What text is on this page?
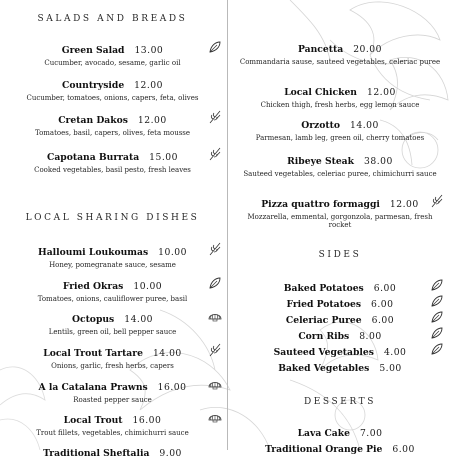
SALADS AND BREADS
LOCAL SHARING DISHES
Green Salad 13.00
Cucumber, avocado, sesame, garlic oil
Countryside 12.00
Cucumber, tomatoes, onions, capers, feta, olives
Cretan Dakos 12.00
Tomatoes, basil, capers, olives, feta mousse
Capotana Burrata 15.00
Cooked vegetables, basil pesto, fresh leaves
Halloumi Loukoumas 10.00
Honey, pomegranate sauce, sesame
Fried Okras 10.00
Tomatoes, onions, cauliflower puree, basil
Octopus 14.00
Lentils, green oil, bell pepper sauce
Local Trout Tartare 14.00
Onions, garlic, fresh herbs, capers
A la Catalana Prawns 16.00
Roasted pepper sauce
Local Trout 16.00
Trout fillets, vegetables, chimichurri sauce
Traditional Sheftalia 9.00
SIDES
DESSERTS
Pancetta 20.00
Commandaria sause, sauteed vegetables, celeriac puree
Local Chicken 12.00
Chicken thigh, fresh herbs, egg lemon sauce
Orzotto 14.00
Parmesan, lamb leg, green oil, cherry tomatoes
Ribeye Steak 38.00
Sauteed vegetables, celeriac puree, chimichurri sauce
Pizza quattro formaggi 12.00
Mozzarella, emmental, gorgonzola, parmesan, fresh rocket
Baked Potatoes 6.00
Fried Potatoes 6.00
Celeriac Puree 6.00
Corn Ribs 8.00
Sauteed Vegetables 4.00
Baked Vegetables 5.00
Lava Cake 7.00
Traditional Orange Pie 6.00
